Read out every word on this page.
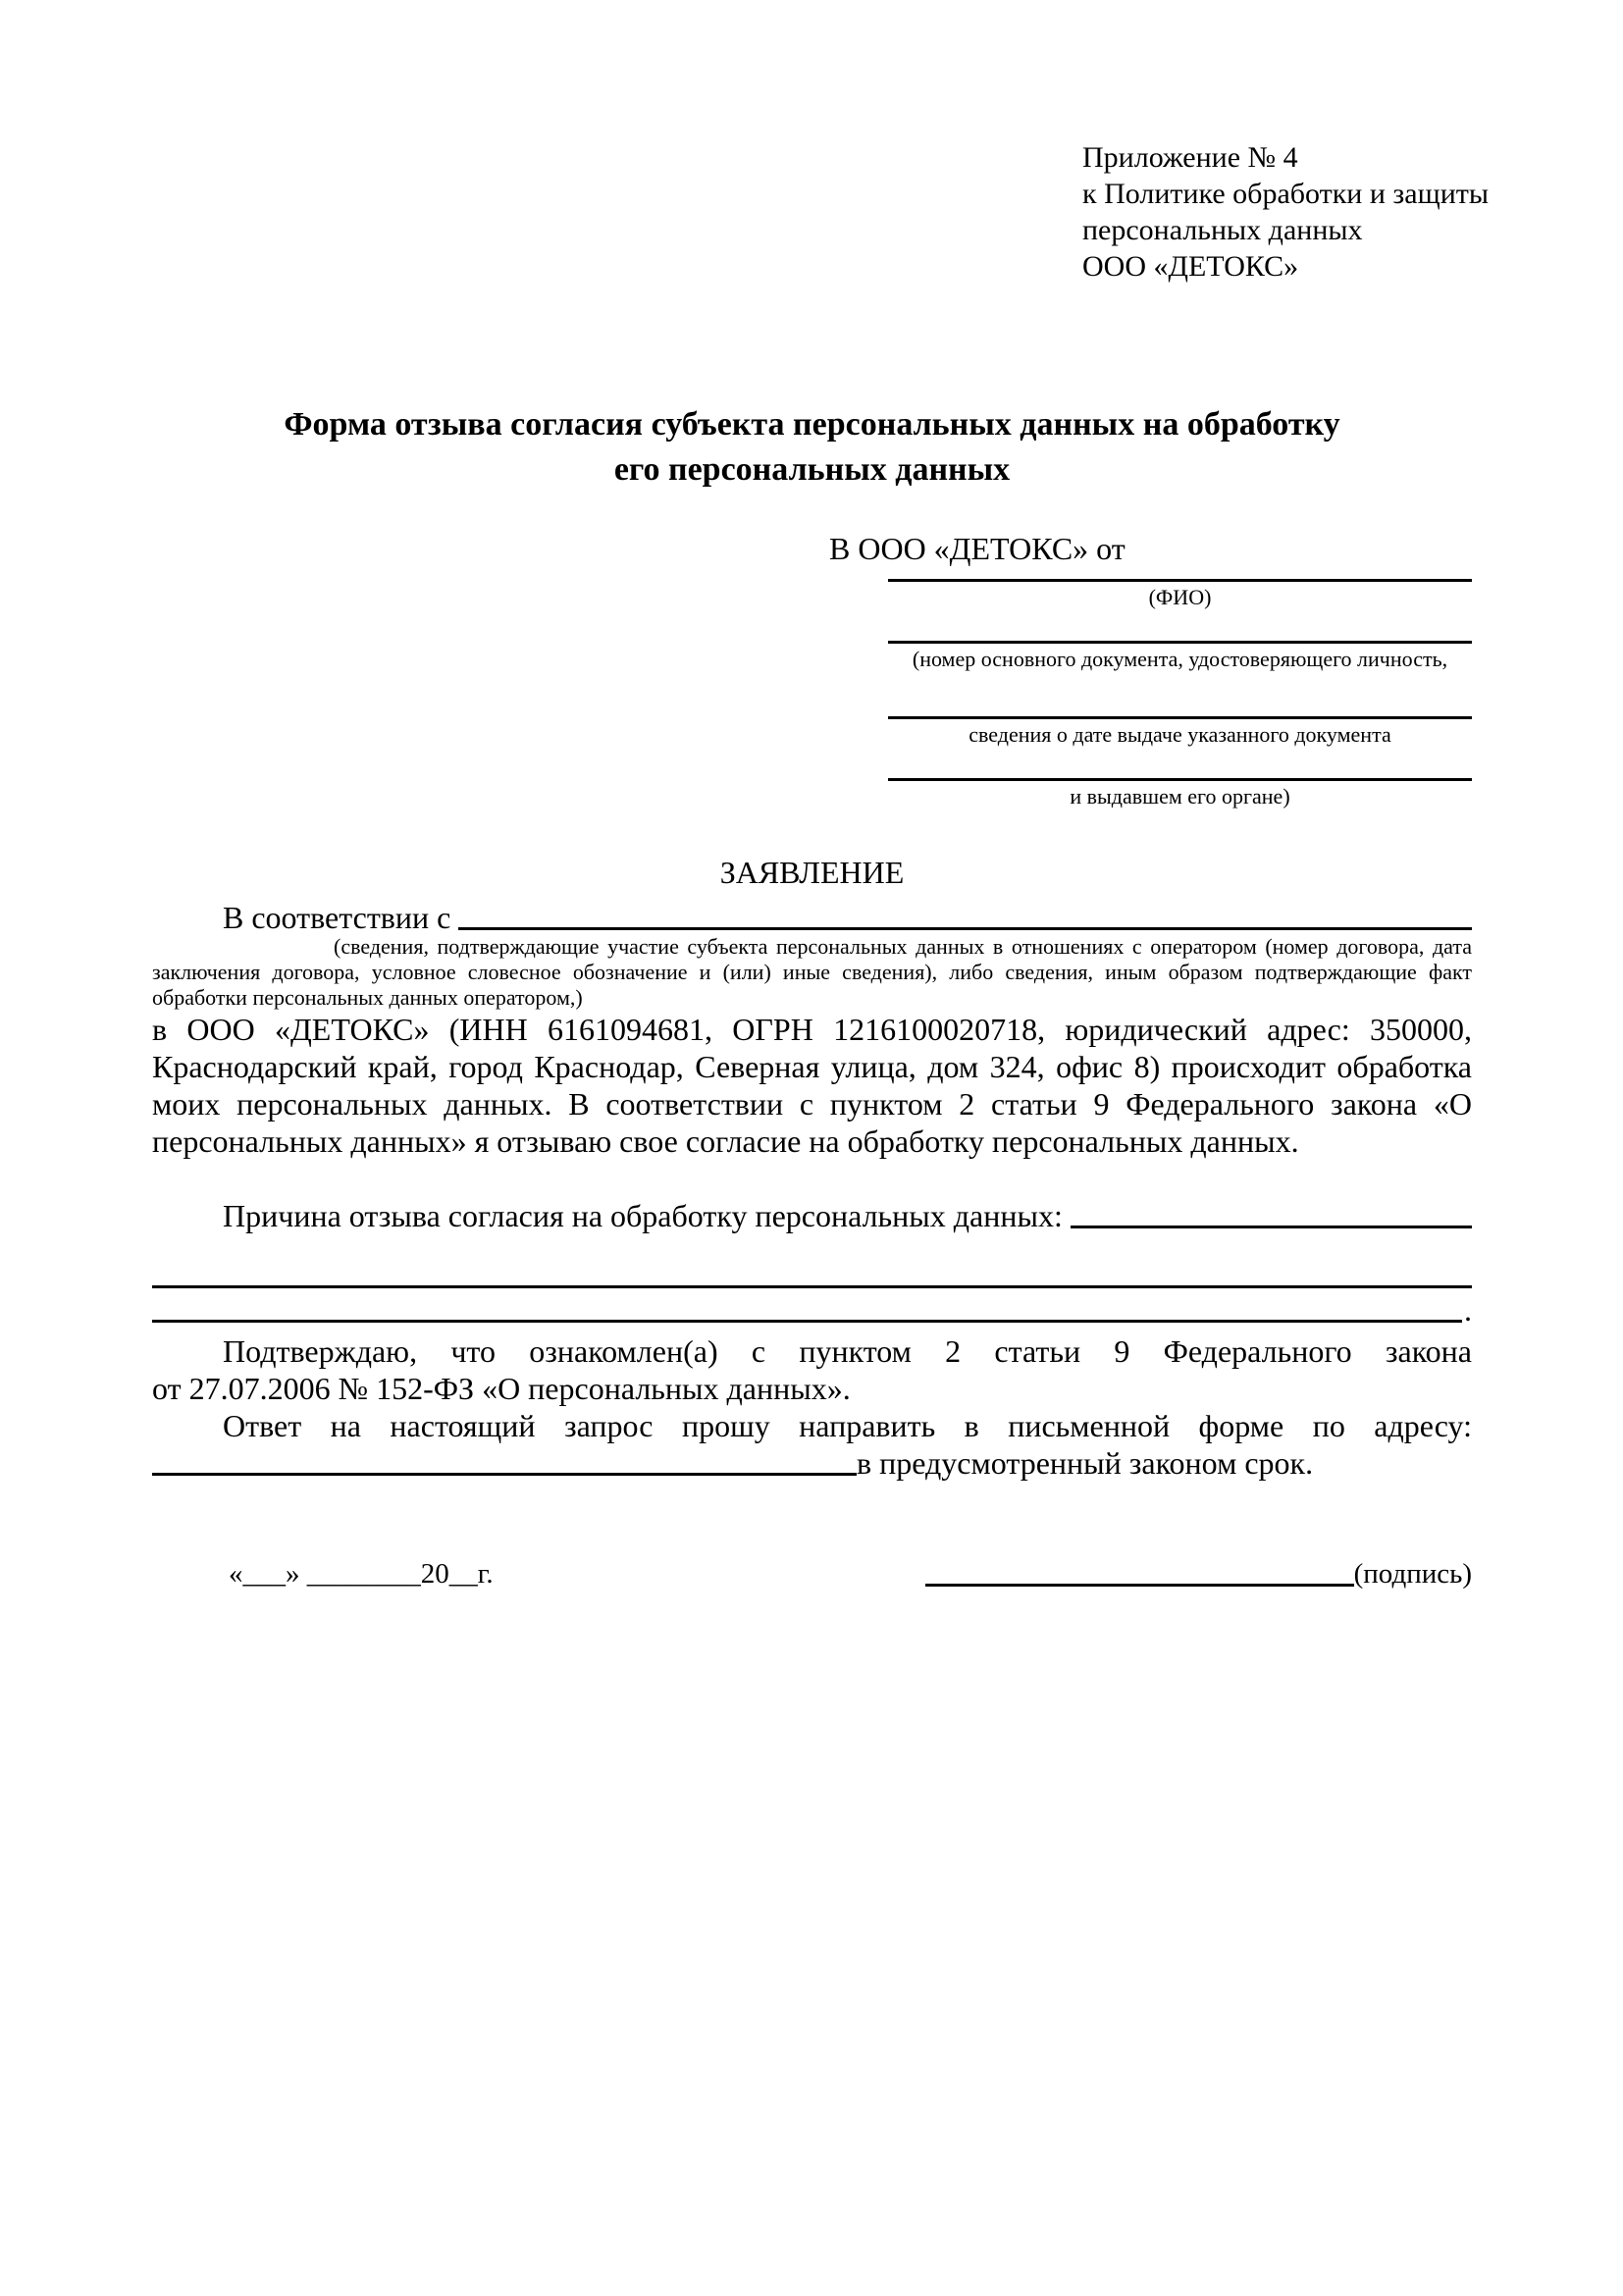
Приложение № 4
к Политике обработки и защиты
персональных данных
ООО «ДЕТОКС»
Форма отзыва согласия субъекта персональных данных на обработку
его персональных данных
В ООО «ДЕТОКС» от
(ФИО)
(номер основного документа, удостоверяющего личность,
сведения о дате выдаче указанного документа
и выдавшем его органе)
ЗАЯВЛЕНИЕ
В соответствии с
(сведения, подтверждающие участие субъекта персональных данных в отношениях с оператором (номер договора, дата заключения договора, условное словесное обозначение и (или) иные сведения), либо сведения, иным образом подтверждающие факт обработки персональных данных оператором,)
в ООО «ДЕТОКС» (ИНН 6161094681, ОГРН 1216100020718, юридический адрес: 350000, Краснодарский край, город Краснодар, Северная улица, дом 324, офис 8) происходит обработка моих персональных данных. В соответствии с пунктом 2 статьи 9 Федерального закона «О персональных данных» я отзываю свое согласие на обработку персональных данных.
Причина отзыва согласия на обработку персональных данных:
.
Подтверждаю, что ознакомлен(а) с пунктом 2 статьи 9 Федерального закона
от 27.07.2006 № 152-ФЗ «О персональных данных».
Ответ на настоящий запрос прошу направить в письменной форме по адресу:
в предусмотренный законом срок.
«___» ________20__г.	(подпись)
